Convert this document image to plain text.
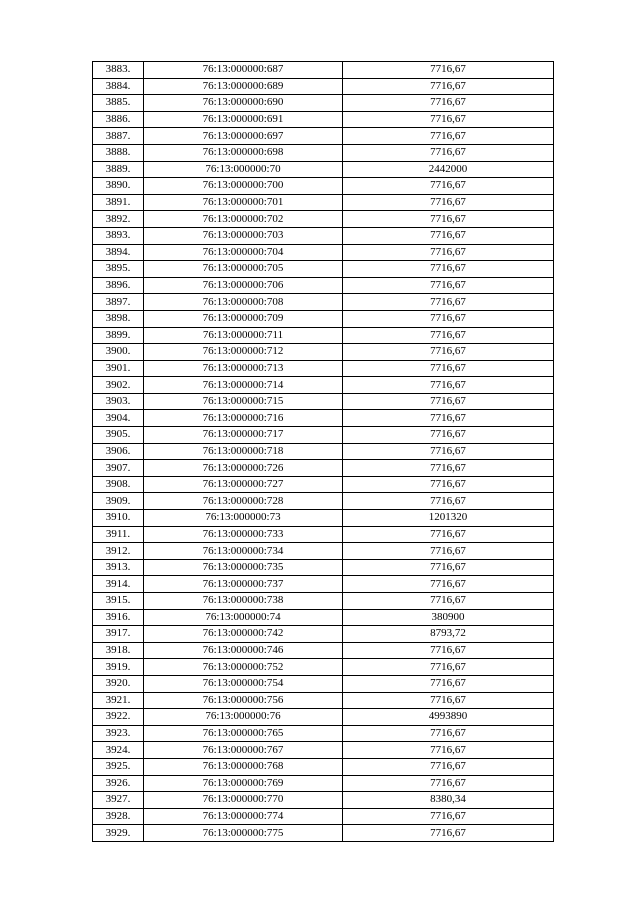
3883.	76:13:000000:687	7716,67
3884.	76:13:000000:689	7716,67
3885.	76:13:000000:690	7716,67
3886.	76:13:000000:691	7716,67
3887.	76:13:000000:697	7716,67
3888.	76:13:000000:698	7716,67
3889.	76:13:000000:70	2442000
3890.	76:13:000000:700	7716,67
3891.	76:13:000000:701	7716,67
3892.	76:13:000000:702	7716,67
3893.	76:13:000000:703	7716,67
3894.	76:13:000000:704	7716,67
3895.	76:13:000000:705	7716,67
3896.	76:13:000000:706	7716,67
3897.	76:13:000000:708	7716,67
3898.	76:13:000000:709	7716,67
3899.	76:13:000000:711	7716,67
3900.	76:13:000000:712	7716,67
3901.	76:13:000000:713	7716,67
3902.	76:13:000000:714	7716,67
3903.	76:13:000000:715	7716,67
3904.	76:13:000000:716	7716,67
3905.	76:13:000000:717	7716,67
3906.	76:13:000000:718	7716,67
3907.	76:13:000000:726	7716,67
3908.	76:13:000000:727	7716,67
3909.	76:13:000000:728	7716,67
3910.	76:13:000000:73	1201320
3911.	76:13:000000:733	7716,67
3912.	76:13:000000:734	7716,67
3913.	76:13:000000:735	7716,67
3914.	76:13:000000:737	7716,67
3915.	76:13:000000:738	7716,67
3916.	76:13:000000:74	380900
3917.	76:13:000000:742	8793,72
3918.	76:13:000000:746	7716,67
3919.	76:13:000000:752	7716,67
3920.	76:13:000000:754	7716,67
3921.	76:13:000000:756	7716,67
3922.	76:13:000000:76	4993890
3923.	76:13:000000:765	7716,67
3924.	76:13:000000:767	7716,67
3925.	76:13:000000:768	7716,67
3926.	76:13:000000:769	7716,67
3927.	76:13:000000:770	8380,34
3928.	76:13:000000:774	7716,67
3929.	76:13:000000:775	7716,67
